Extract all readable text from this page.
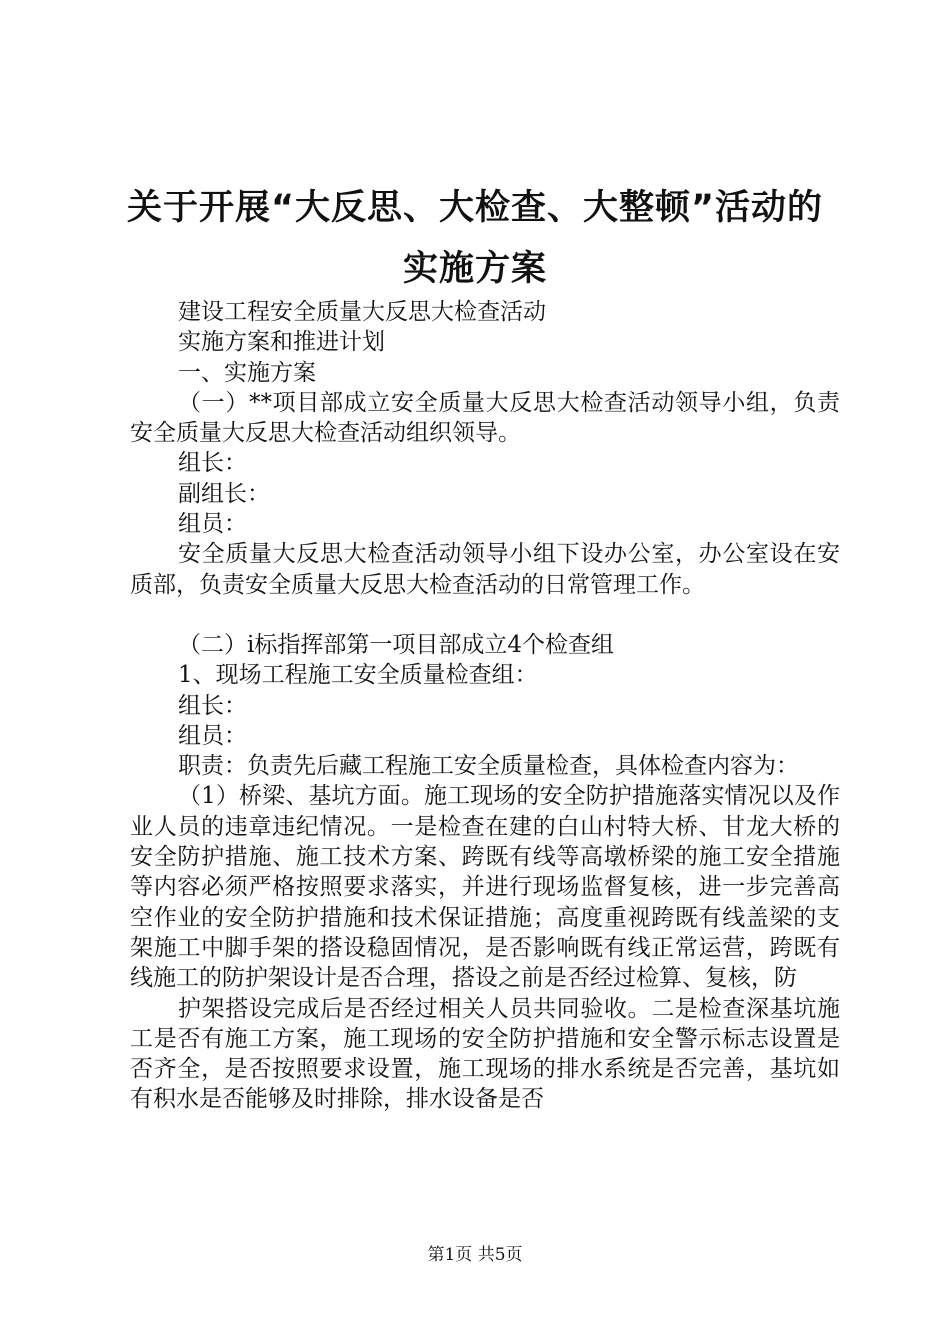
关于开展“大反思、大检查、大整顿”活动的
实施方案

建设工程安全质量大反思大检查活动

实施方案和推进计划

一、实施方案

（一）**项目部成立安全质量大反思大检查活动领导小组，负责安全质量大反思大检查活动组织领导。

组长：

副组长：

组员：

安全质量大反思大检查活动领导小组下设办公室，办公室设在安质部，负责安全质量大反思大检查活动的日常管理工作。

（二）i标指挥部第一项目部成立4个检查组

1、现场工程施工安全质量检查组：

组长：

组员：

职责：负责先后藏工程施工安全质量检查，具体检查内容为：

（1）桥梁、基坑方面。施工现场的安全防护措施落实情况以及作业人员的违章违纪情况。一是检查在建的白山村特大桥、甘龙大桥的安全防护措施、施工技术方案、跨既有线等高墩桥梁的施工安全措施等内容必须严格按照要求落实，并进行现场监督复核，进一步完善高空作业的安全防护措施和技术保证措施；高度重视跨既有线盖梁的支架施工中脚手架的搭设稳固情况，是否影响既有线正常运营，跨既有线施工的防护架设计是否合理，搭设之前是否经过检算、复核，防

护架搭设完成后是否经过相关人员共同验收。二是检查深基坑施工是否有施工方案，施工现场的安全防护措施和安全警示标志设置是否齐全，是否按照要求设置，施工现场的排水系统是否完善，基坑如有积水是否能够及时排除，排水设备是否

第1页 共5页
